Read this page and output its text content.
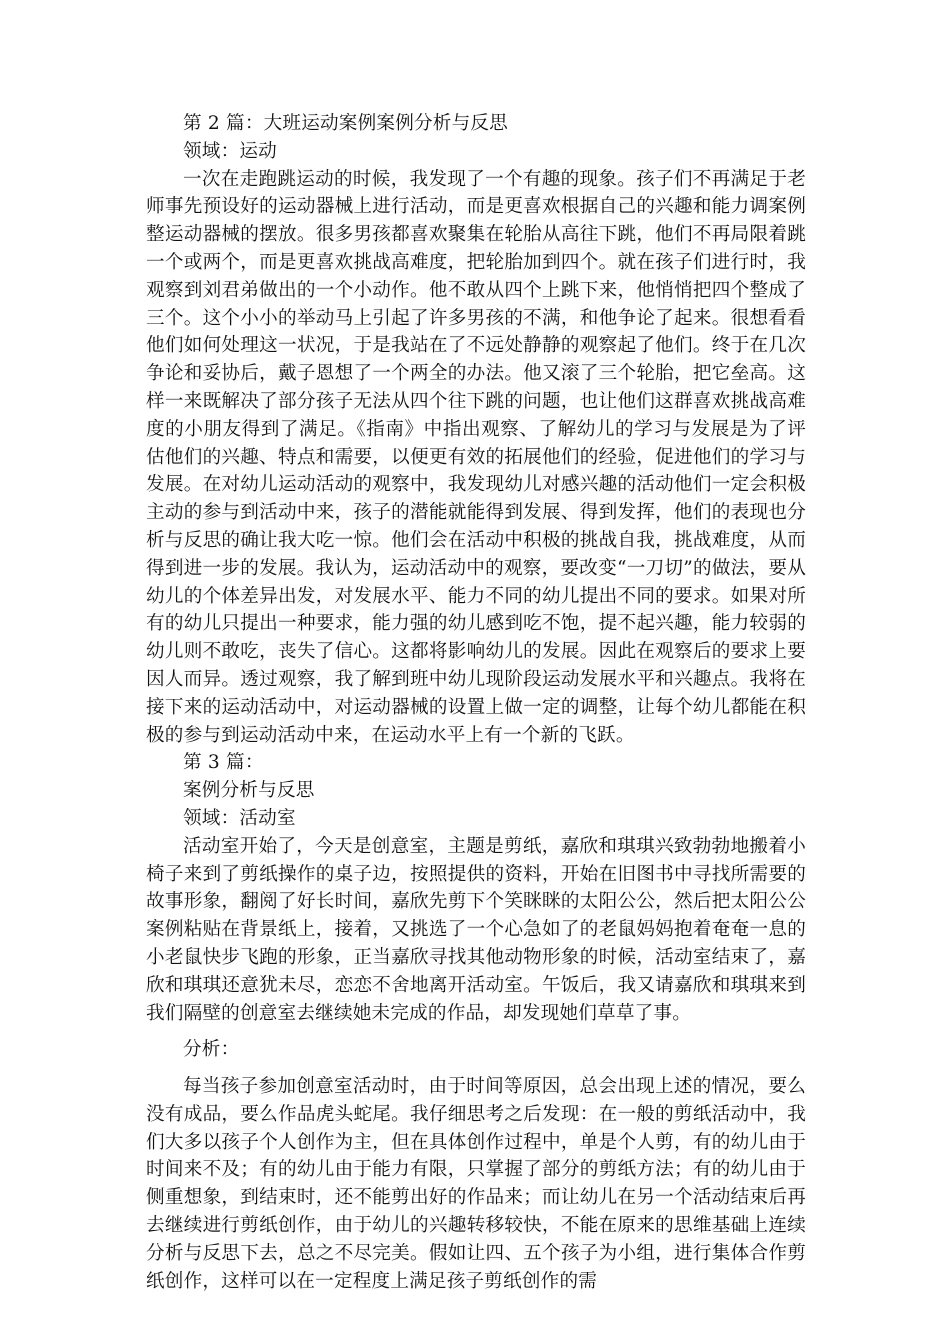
第 2 篇：大班运动案例案例分析与反思

领域：运动

一次在走跑跳运动的时候，我发现了一个有趣的现象。孩子们不再满足于老师事先预设好的运动器械上进行活动，而是更喜欢根据自己的兴趣和能力调案例整运动器械的摆放。很多男孩都喜欢聚集在轮胎从高往下跳，他们不再局限着跳一个或两个，而是更喜欢挑战高难度，把轮胎加到四个。就在孩子们进行时，我观察到刘君弟做出的一个小动作。他不敢从四个上跳下来，他悄悄把四个整成了三个。这个小小的举动马上引起了许多男孩的不满，和他争论了起来。很想看看他们如何处理这一状况，于是我站在了不远处静静的观察起了他们。终于在几次争论和妥协后，戴子恩想了一个两全的办法。他又滚了三个轮胎，把它垒高。这样一来既解决了部分孩子无法从四个往下跳的问题，也让他们这群喜欢挑战高难度的小朋友得到了满足。《指南》中指出观察、了解幼儿的学习与发展是为了评估他们的兴趣、特点和需要，以便更有效的拓展他们的经验，促进他们的学习与发展。在对幼儿运动活动的观察中，我发现幼儿对感兴趣的活动他们一定会积极主动的参与到活动中来，孩子的潜能就能得到发展、得到发挥，他们的表现也分析与反思的确让我大吃一惊。他们会在活动中积极的挑战自我，挑战难度，从而得到进一步的发展。我认为，运动活动中的观察，要改变“一刀切”的做法，要从幼儿的个体差异出发，对发展水平、能力不同的幼儿提出不同的要求。如果对所有的幼儿只提出一种要求，能力强的幼儿感到吃不饱，提不起兴趣，能力较弱的幼儿则不敢吃，丧失了信心。这都将影响幼儿的发展。因此在观察后的要求上要因人而异。透过观察，我了解到班中幼儿现阶段运动发展水平和兴趣点。我将在接下来的运动活动中，对运动器械的设置上做一定的调整，让每个幼儿都能在积极的参与到运动活动中来，在运动水平上有一个新的飞跃。

第 3 篇：

案例分析与反思

领域：活动室

活动室开始了，今天是创意室，主题是剪纸，嘉欣和琪琪兴致勃勃地搬着小椅子来到了剪纸操作的桌子边，按照提供的资料，开始在旧图书中寻找所需要的故事形象，翻阅了好长时间，嘉欣先剪下个笑眯眯的太阳公公，然后把太阳公公案例粘贴在背景纸上，接着，又挑选了一个心急如了的老鼠妈妈抱着奄奄一息的小老鼠快步飞跑的形象，正当嘉欣寻找其他动物形象的时候，活动室结束了，嘉欣和琪琪还意犹未尽，恋恋不舍地离开活动室。午饭后，我又请嘉欣和琪琪来到我们隔壁的创意室去继续她未完成的作品，却发现她们草草了事。

分析：

每当孩子参加创意室活动时，由于时间等原因，总会出现上述的情况，要么没有成品，要么作品虎头蛇尾。我仔细思考之后发现：在一般的剪纸活动中，我们大多以孩子个人创作为主，但在具体创作过程中，单是个人剪，有的幼儿由于时间来不及；有的幼儿由于能力有限，只掌握了部分的剪纸方法；有的幼儿由于侧重想象，到结束时，还不能剪出好的作品来；而让幼儿在另一个活动结束后再去继续进行剪纸创作，由于幼儿的兴趣转移较快，不能在原来的思维基础上连续分析与反思下去，总之不尽完美。假如让四、五个孩子为小组，进行集体合作剪纸创作，这样可以在一定程度上满足孩子剪纸创作的需
